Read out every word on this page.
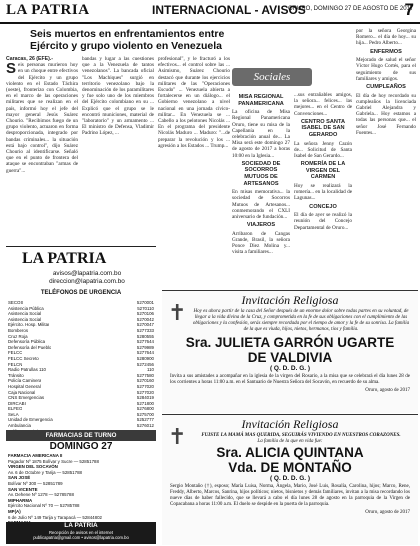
LA PATRIA	INTERNACIONAL - AVISOS
ORURO, DOMINGO 27 DE AGOSTO DE 2017
7
Seis muertos en enfrentamientos entre Ejército y grupo violento en Venezuela
Caracas, 26 (EFE).-

S eis personas murieron hoy en un choque entre efectivos del Ejército y un grupo violento en el Estado Táchira (oeste), fronterizo con Colombia, en el marco de las operaciones militares que se realizan en el país, informó hoy el jefe del mayor general Jesús Suárez Chourio. "Recibimos fuego de un grupo violento, actuaron en forma desproporcionada, integrado por bandas criminales... la situación está bajo control", dijo Suárez Chourio al identificarse. Señaló que en el punto de frontera del ataque se encontraban "armas de guerra"...
bandas y lugar a las cuestiones que a la Venezuela de tantos venezolanos". La bancada oficial "Los Machiques" surgió en territorio venezolano bajo la denominación de los paramilitares y fue solo uno de los miembros del Ejército colombiano en su ... Explicó que el grupo se le encontró municiones, material de "laboratorio" y un armamento ... El ministro de Defensa, Vladimir Padrino López, ...
profesional", y le fracturó a los efectivos... el control sobre las ... Asimismo, Suárez Chourio destacó que durante los ejercicios militares de las "Operaciones Escudo" ... Venezuela abierta a fortalecerse en un diálogo... el Gobierno venezolano a nivel nacional en una jornada cívico-militar... En Venezuela se ... Cabello a los pelotones Nicolás ... En el programa del presidente Nicolás Maduro ... Maduro: "...de preparar la revolución y los ... agresión a los Estados ... Trump...
Sociales
MISA REGIONAL PANAMERICANA
La oficina de Misa Regional Panamericana Oruro, tiene su misa de la Capellanía en la celebración anual de... La Misa será este domingo 27 de agosto de 2017 a horas 10:00 en la Iglesia...
SOCIEDAD DE SOCORROS MUTUOS DE ARTESANOS
En misas memorativa... la sociedad de Socorros Mutuos de Artesanos... conmemorando el CXLI aniversario de fundación...
VIAJEROS
Arribaron de Cangas Grande, Brasil, la señora Ponce Diez Molina y... visita a familiares...
...sus entrañables amigos, la señora... felices... las mejores... en el Centro de Convenciones...
CENTRO SANTA ISABEL DE SAN GERARDO
La señora Jenny Cazón de... Solicitud de Santa Isabel de San Gerardo...
ROMERÍA DE LA VIRGEN DEL CARMEN
Hoy se realizará la romería... en la localidad de Lagunas...
CONCEJO
El día de ayer se realizó la reunión del Concejo Departamental de Oruro...
por la señora Georgina Romero... el día de hoy... su hija... Pedro Alberto...
ENFERMOS
Mejorado de salud el señor Víctor Hugo Cortés, para el seguimiento de sus familiares y amigos.
CUMPLEAÑOS
El día de hoy recordado su cumpleaños la licenciada Gabriel Alejandra y Gabriela... Hoy estamos a todas las personas que... el señor José Fernando Fuentes...
LA PATRIA
avisos@lapatria.com.bo
direccion@lapatria.com.bo
TELÉFONOS DE URGENCIA
SECOS	5270001
Asistencia Pública	5270110
Asistencia Social	5270106
Asistencia Social	5270042
Ejército. Hosp. Militar	5270047
Bomberos	5277333
Cruz Roja	5280555
Defensoría Pública	5277644
Defensoría del Pueblo	5279989
FELCC	5277644
FELCC Secreto	5280900
FELCN	5272456
Radio Patrullas 110	110
Tránsito	5277580
Policía Caminera	5270160
Hospital General	5277020
Caja Nacional	5277020
CNS Emergencias	5284019
DIRCABI	5271800
ELFEO	5276800
SeLA	5275700
Unidad de Emergencia	5252777
Ambulancia	5276012
FARMACIAS DE TURNO
DOMINGO 27
FARMACIA AMERICANA II
Pagador Nº 1875 Bolívar y Sucre — 52851788
VIRGEN DEL SOCAVÓN
Av. 6 de Octubre y Tarija — 52851788
SAN JOSÉ
Bolívar Nº 300 — 52851789
SAN VICENTE
Av. Dehene Nº 1278 — 52785788
MIPHARMA
Ejército Nacional Nº 70 — 52785788
MP(A)
6 de Julio Nº 149 Tarija y Tarapacá — 52844802
LA PATRIA
Recepción de avisos en el internet
publicapatria@gmail.com • avisos@lapatria.com.bo
Invitación Religiosa
Hoy es ahora partir de la casa del Señor después de un enorme dolor sobre todas partes en su voluntad, de llegar a la vida divina de la Cruz, y comprometida en la fe de sus obligaciones con el cumplimiento de las obligaciones y la confesión, serás siempre recordada por el tiempo de amor y la fe de su sonrisa. La familia de la que es viuda, hijos, nietos, hermanos, tíos y familia.
Sra. JULIETA GARRÓN UGARTE
DE VALDIVIA
( Q. D. D. G. )
Invita a sus amistades a acompañar en la iglesia de la virgen del Rosario, a la misa que se celebrará el día lunes 28 de los corrientes a horas 11:00 a.m. en el Santuario de Nuestra Señora del Socavón, en recuerdo de su alma.
Oruro, agosto de 2017
✝
Invitación Religiosa
FUISTE LA MAMÁ MAS QUERIDA, SEGUIRÁS VIVIENDO EN NUESTROS CORAZONES.
La familia de la que en vida fue:
Sra. ALICIA QUINTANA
Vda. DE MONTAÑO
( Q. D. D. G. )
Sergio Montaño (†), esposo; María Luisa, Norma, Ángela, Mario, José Luis, Rosalía, Carolina, hijos; Marco, Rene, Freddy, Alberto, Marcos, Sanrina, hijos políticos; nietos, bisnietos y demás familiares, invitan a la misa recordando los nueve días de haber fallecido, que se llevará a cabo el día lunes 28 de agosto en la parroquia de la Virgen de Copacabana a horas 11:00 a.m. El duelo se despide en la puerta de la parroquia.
Oruro, agosto de 2017
✝
